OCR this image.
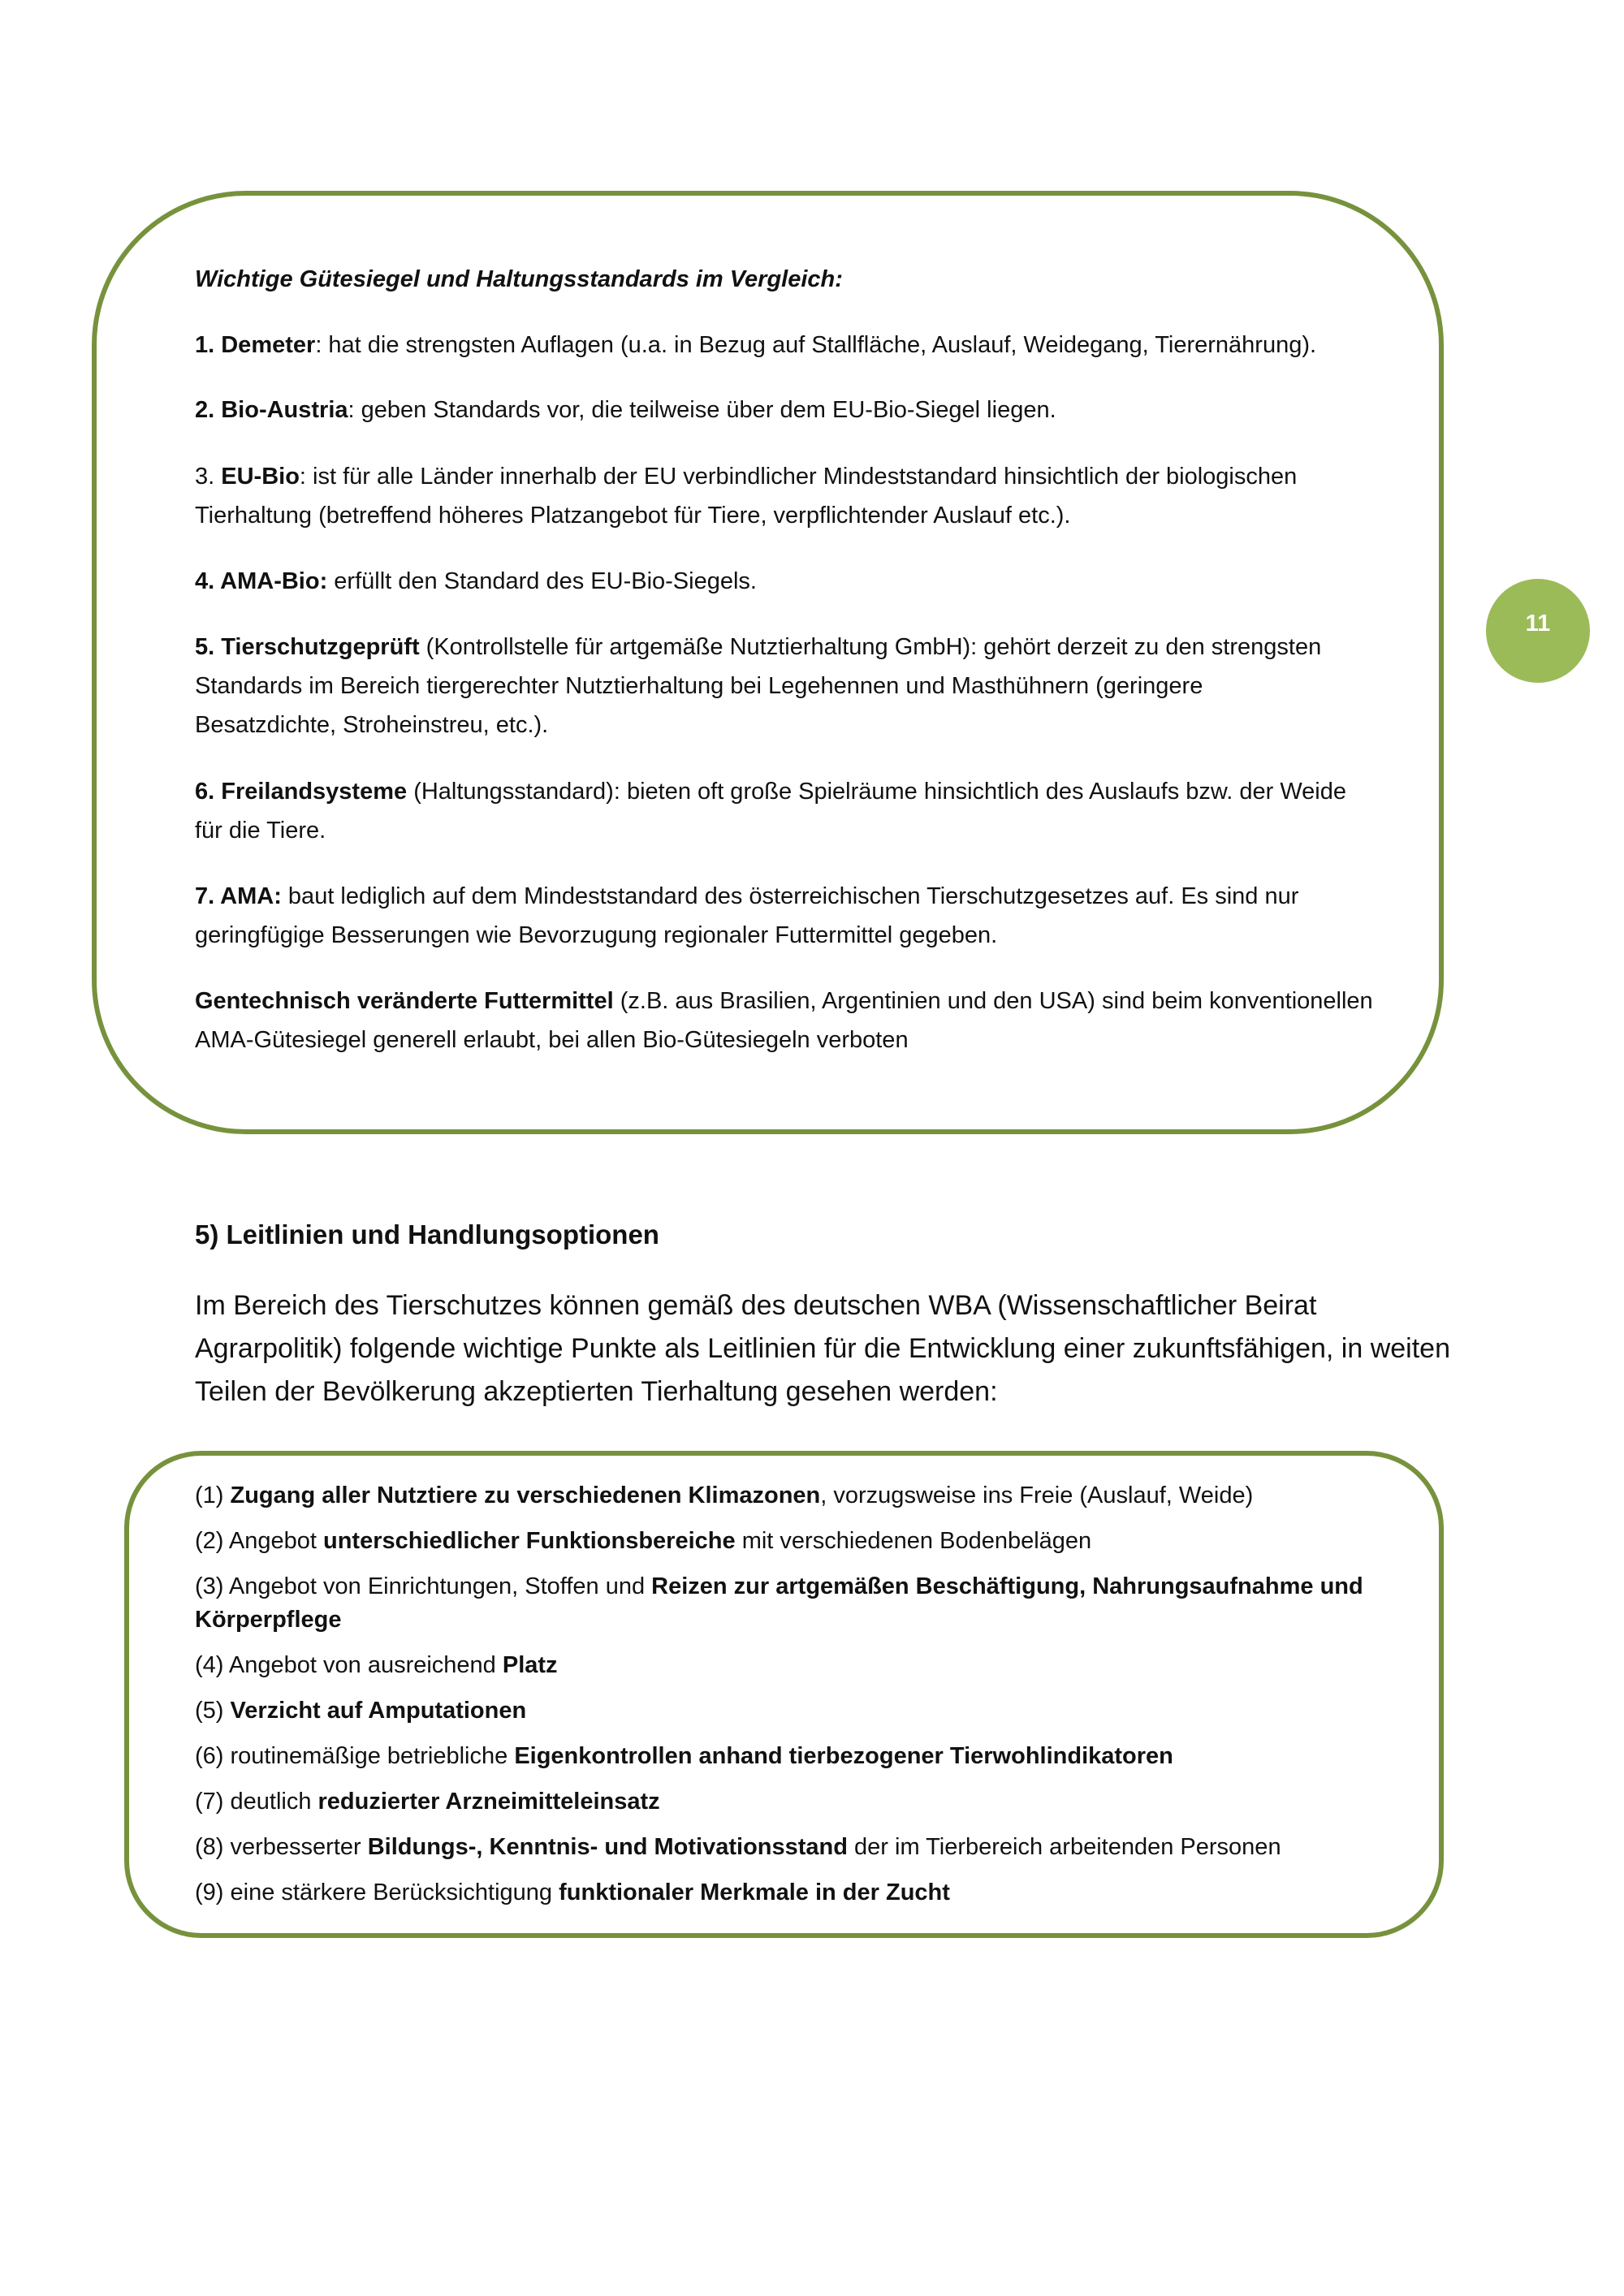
Wichtige Gütesiegel und Haltungsstandards im Vergleich:

1. Demeter: hat die strengsten Auflagen (u.a. in Bezug auf Stallfläche, Auslauf, Weidegang, Tierernährung).

2. Bio-Austria: geben Standards vor, die teilweise über dem EU-Bio-Siegel liegen.

3. EU-Bio: ist für alle Länder innerhalb der EU verbindlicher Mindeststandard hinsichtlich der biologischen
Tierhaltung (betreffend höheres Platzangebot für Tiere, verpflichtender Auslauf etc.).

4. AMA-Bio: erfüllt den Standard des EU-Bio-Siegels.

5. Tierschutzgeprüft (Kontrollstelle für artgemäße Nutztierhaltung GmbH): gehört derzeit zu den strengsten
Standards im Bereich tiergerechter Nutztierhaltung bei Legehennen und Masthühnern (geringere
Besatzdichte, Stroheinstreu, etc.).

6. Freilandsysteme (Haltungsstandard): bieten oft große Spielräume hinsichtlich des Auslaufs bzw. der Weide
für die Tiere.

7. AMA: baut lediglich auf dem Mindeststandard des österreichischen Tierschutzgesetzes auf. Es sind nur
geringfügige Besserungen wie Bevorzugung regionaler Futtermittel gegeben.

Gentechnisch veränderte Futtermittel (z.B. aus Brasilien, Argentinien und den USA) sind beim konventionellen
AMA-Gütesiegel generell erlaubt, bei allen Bio-Gütesiegeln verboten

11

5) Leitlinien und Handlungsoptionen

Im Bereich des Tierschutzes können gemäß des deutschen WBA (Wissenschaftlicher Beirat Agrarpolitik) folgende wichtige Punkte als Leitlinien für die Entwicklung einer zukunftsfähigen, in weiten Teilen der Bevölkerung akzeptierten Tierhaltung gesehen werden:

(1) Zugang aller Nutztiere zu verschiedenen Klimazonen, vorzugsweise ins Freie (Auslauf, Weide)

(2) Angebot unterschiedlicher Funktionsbereiche mit verschiedenen Bodenbelägen

(3) Angebot von Einrichtungen, Stoffen und Reizen zur artgemäßen Beschäftigung, Nahrungsaufnahme und
Körperpflege

(4) Angebot von ausreichend Platz

(5) Verzicht auf Amputationen

(6) routinemäßige betriebliche Eigenkontrollen anhand tierbezogener Tierwohlindikatoren

(7) deutlich reduzierter Arzneimitteleinsatz

(8) verbesserter Bildungs-, Kenntnis- und Motivationsstand der im Tierbereich arbeitenden Personen

(9) eine stärkere Berücksichtigung funktionaler Merkmale in der Zucht
